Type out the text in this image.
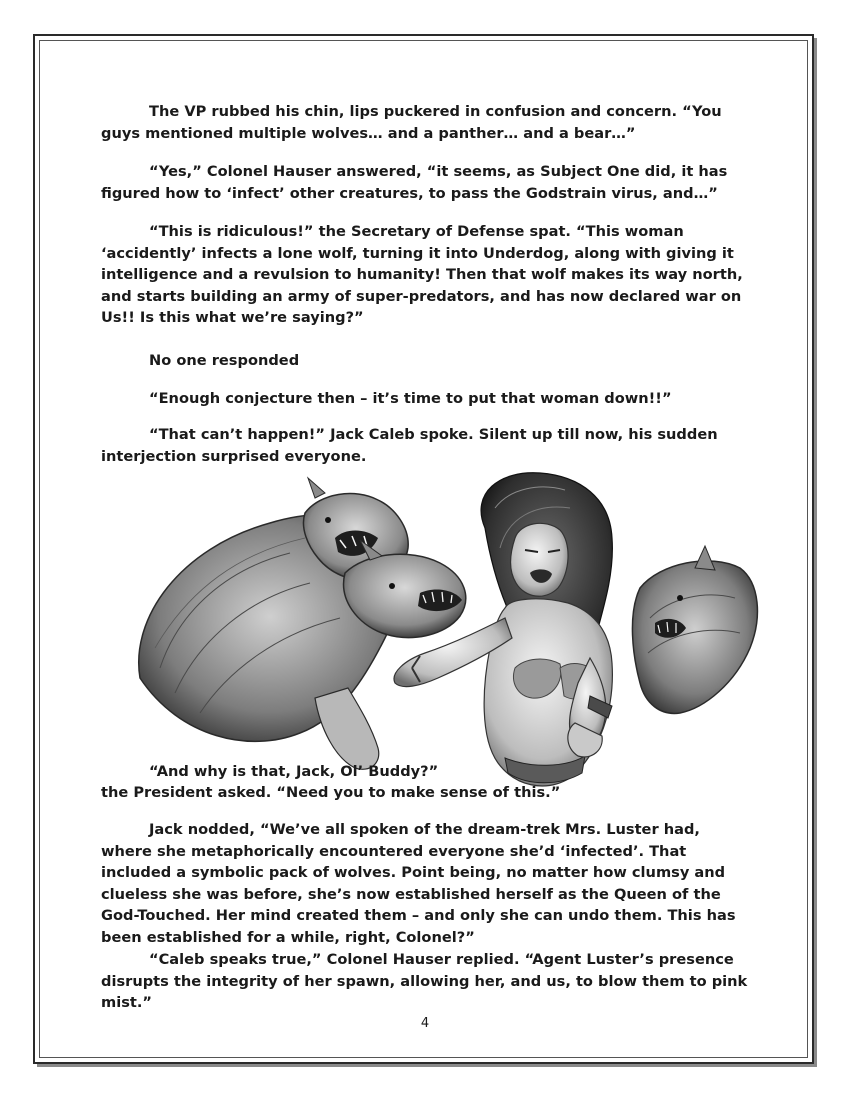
The VP rubbed his chin, lips puckered in confusion and concern. “You guys mentioned multiple wolves… and a panther… and a bear…”

“Yes,” Colonel Hauser answered, “it seems, as Subject One did, it has figured how to ‘infect’ other creatures, to pass the Godstrain virus, and…”

“This is ridiculous!” the Secretary of Defense spat. “This woman ‘accidently’ infects a lone wolf, turning it into Underdog, along with giving it intelligence and a revulsion to humanity! Then that wolf makes its way north, and starts building an army of super-predators, and has now declared war on Us!! Is this what we’re saying?”

No one responded

“Enough conjecture then – it’s time to put that woman down!!”

“That can’t happen!” Jack Caleb spoke. Silent up till now, his sudden interjection surprised everyone.

“And why is that, Jack, Ol’ Buddy?”
the President asked. “Need you to make sense of this.”

Jack nodded, “We’ve all spoken of the dream-trek Mrs. Luster had, where she metaphorically encountered everyone she’d ‘infected’. That included a symbolic pack of wolves. Point being, no matter how clumsy and clueless she was before, she’s now established herself as the Queen of the God-Touched. Her mind created them – and only she can undo them. This has been established for a while, right, Colonel?”

“Caleb speaks true,” Colonel Hauser replied. “Agent Luster’s presence disrupts the integrity of her spawn, allowing her, and us, to blow them to pink mist.”

4
